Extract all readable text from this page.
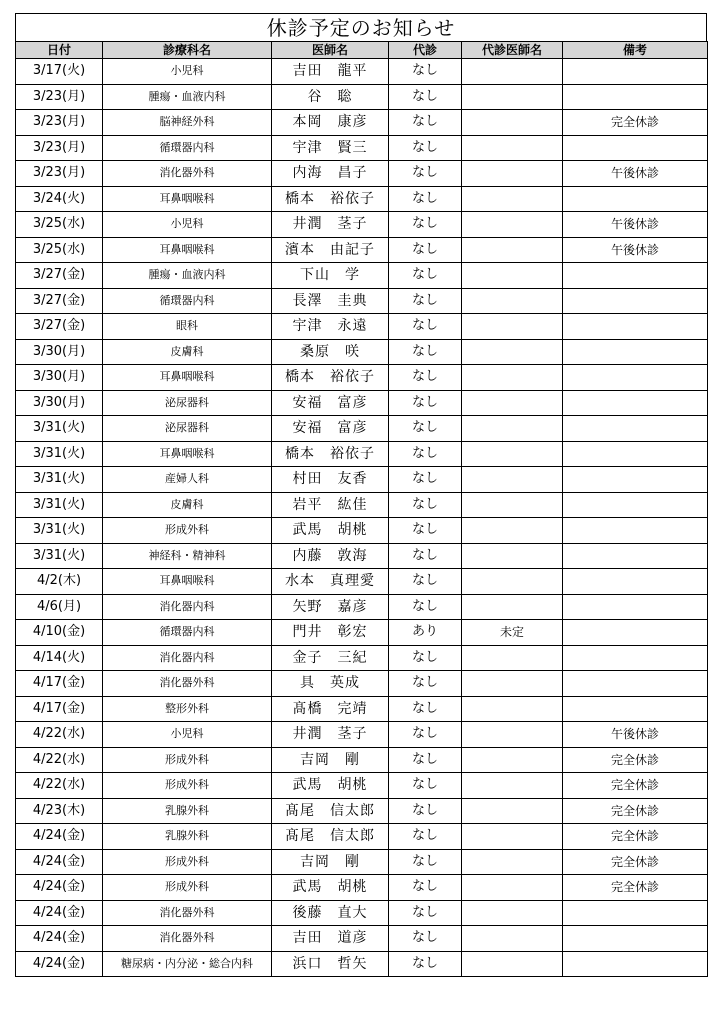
休診予定のお知らせ
日付	診療科名	医師名	代診	代診医師名	備考
3/17(火)	小児科	吉田　龍平	なし		
3/23(月)	腫瘍・血液内科	谷　聡	なし		
3/23(月)	脳神経外科	本岡　康彦	なし		完全休診
3/23(月)	循環器内科	宇津　賢三	なし		
3/23(月)	消化器外科	内海　昌子	なし		午後休診
3/24(火)	耳鼻咽喉科	橋本　裕依子	なし		
3/25(水)	小児科	井潤　茎子	なし		午後休診
3/25(水)	耳鼻咽喉科	濱本　由記子	なし		午後休診
3/27(金)	腫瘍・血液内科	下山　学	なし		
3/27(金)	循環器内科	長澤　圭典	なし		
3/27(金)	眼科	宇津　永遠	なし		
3/30(月)	皮膚科	桑原　咲	なし		
3/30(月)	耳鼻咽喉科	橋本　裕依子	なし		
3/30(月)	泌尿器科	安福　富彦	なし		
3/31(火)	泌尿器科	安福　富彦	なし		
3/31(火)	耳鼻咽喉科	橋本　裕依子	なし		
3/31(火)	産婦人科	村田　友香	なし		
3/31(火)	皮膚科	岩平　紘佳	なし		
3/31(火)	形成外科	武馬　胡桃	なし		
3/31(火)	神経科・精神科	内藤　敦海	なし		
4/2(木)	耳鼻咽喉科	水本　真理愛	なし		
4/6(月)	消化器内科	矢野　嘉彦	なし		
4/10(金)	循環器内科	門井　彰宏	あり	未定	
4/14(火)	消化器内科	金子　三紀	なし		
4/17(金)	消化器外科	具　英成	なし		
4/17(金)	整形外科	髙橋　完靖	なし		
4/22(水)	小児科	井潤　茎子	なし		午後休診
4/22(水)	形成外科	吉岡　剛	なし		完全休診
4/22(水)	形成外科	武馬　胡桃	なし		完全休診
4/23(木)	乳腺外科	髙尾　信太郎	なし		完全休診
4/24(金)	乳腺外科	髙尾　信太郎	なし		完全休診
4/24(金)	形成外科	吉岡　剛	なし		完全休診
4/24(金)	形成外科	武馬　胡桃	なし		完全休診
4/24(金)	消化器外科	後藤　直大	なし		
4/24(金)	消化器外科	吉田　道彦	なし		
4/24(金)	糖尿病・内分泌・総合内科	浜口　哲矢	なし		
